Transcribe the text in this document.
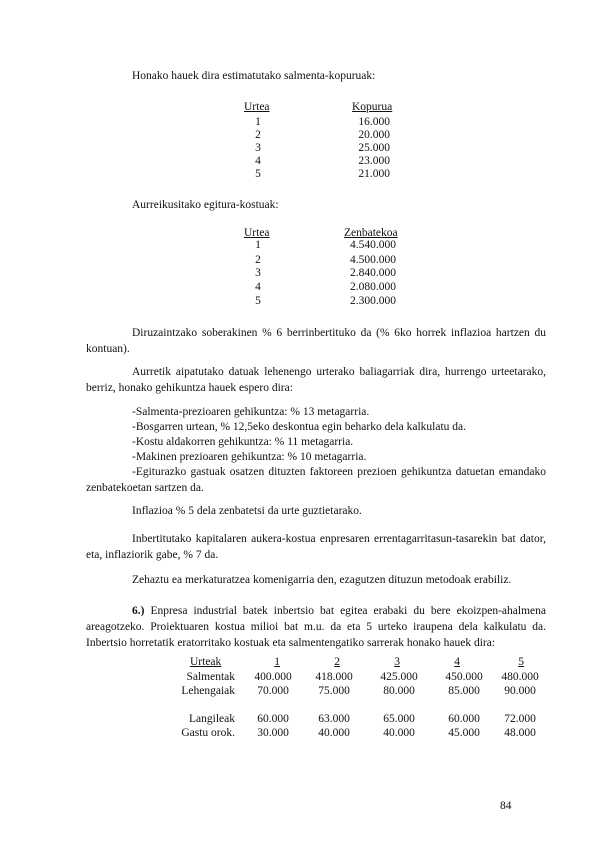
Honako hauek dira estimatutako salmenta-kopuruak:
Urtea	Kopurua
1	16.000
2	20.000
3	25.000
4	23.000
5	21.000
Aurreikusitako egitura-kostuak:
Urtea	Zenbatekoa
1	4.540.000
2	4.500.000
3	2.840.000
4	2.080.000
5	2.300.000
Diruzaintzako soberakinen % 6 berrinbertituko da (% 6ko horrek inflazioa hartzen du kontuan).
Aurretik aipatutako datuak lehenengo urterako baliagarriak dira, hurrengo urteetarako, berriz, honako gehikuntza hauek espero dira:
-Salmenta-prezioaren gehikuntza: % 13 metagarria.
-Bosgarren urtean, % 12,5eko deskontua egin beharko dela kalkulatu da.
-Kostu aldakorren gehikuntza: % 11 metagarria.
-Makinen prezioaren gehikuntza: % 10 metagarria.
-Egiturazko gastuak osatzen dituzten faktoreen prezioen gehikuntza datuetan emandako zenbatekoetan sartzen da.
Inflazioa % 5 dela zenbatetsi da urte guztietarako.
Inbertitutako kapitalaren aukera-kostua enpresaren errentagarritasun-tasarekin bat dator, eta, inflaziorik gabe, % 7 da.
Zehaztu ea merkaturatzea komenigarria den, ezagutzen dituzun metodoak erabiliz.
6.) Enpresa industrial batek inbertsio bat egitea erabaki du bere ekoizpen-ahalmena areagotzeko. Proiektuaren kostua milioi bat m.u. da eta 5 urteko iraupena dela kalkulatu da. Inbertsio horretatik eratorritako kostuak eta salmentengatiko sarrerak honako hauek dira:
Urteak	1	2	3	4	5
Salmentak	400.000	418.000	425.000	450.000	480.000
Lehengaiak	70.000	75.000	80.000	85.000	90.000
Langileak	60.000	63.000	65.000	60.000	72.000
Gastu orok.	30.000	40.000	40.000	45.000	48.000
84
